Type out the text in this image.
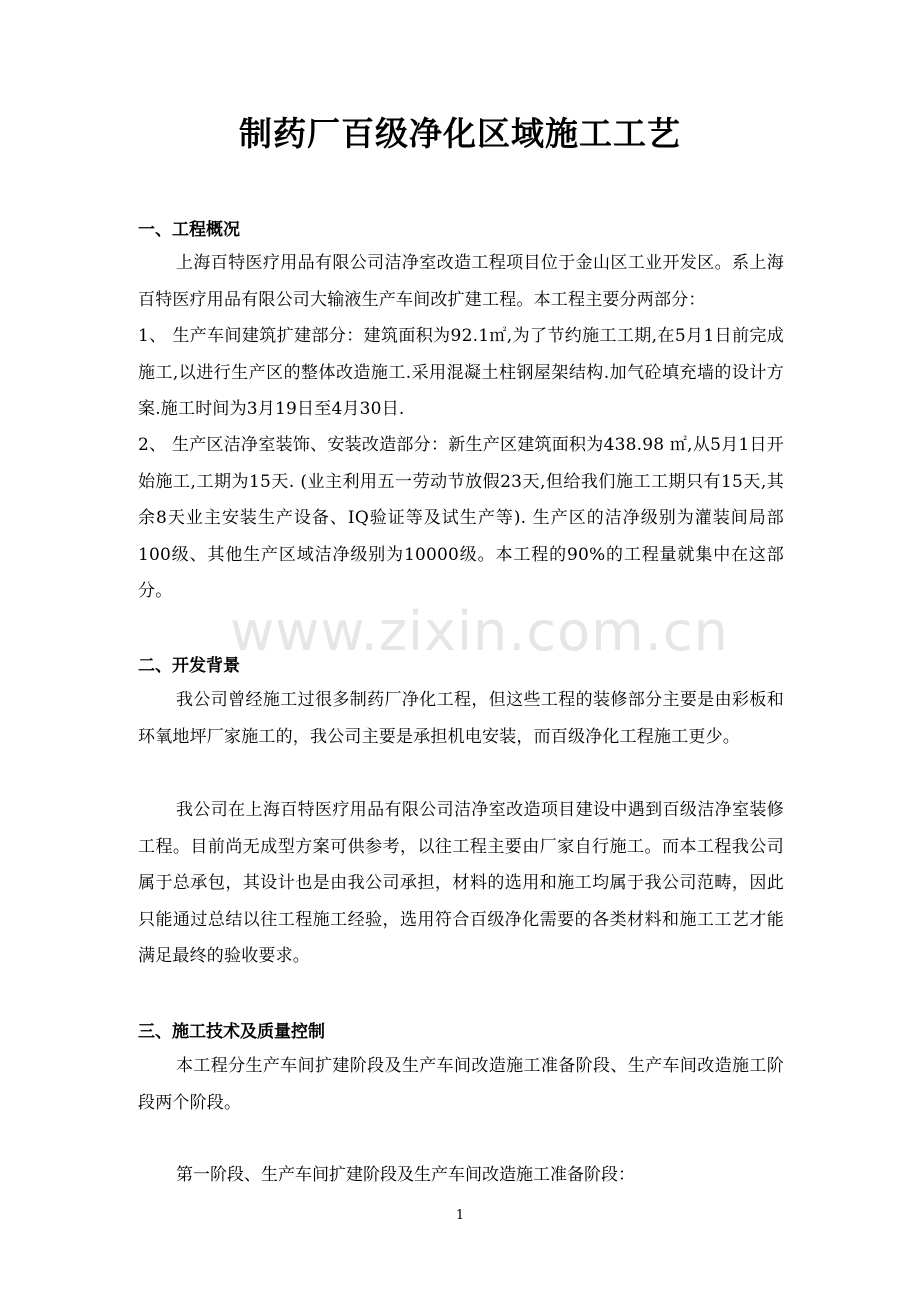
制药厂百级净化区域施工工艺
一、工程概况
上海百特医疗用品有限公司洁净室改造工程项目位于金山区工业开发区。系上海百特医疗用品有限公司大输液生产车间改扩建工程。本工程主要分两部分：
1、 生产车间建筑扩建部分：建筑面积为92.1㎡,为了节约施工工期,在5月1日前完成施工,以进行生产区的整体改造施工.采用混凝土柱钢屋架结构.加气砼填充墙的设计方案.施工时间为3月19日至4月30日.
2、 生产区洁净室装饰、安装改造部分：新生产区建筑面积为438.98 ㎡,从5月1日开始施工,工期为15天. (业主利用五一劳动节放假23天,但给我们施工工期只有15天,其余8天业主安装生产设备、IQ验证等及试生产等). 生产区的洁净级别为灌装间局部100级、其他生产区域洁净级别为10000级。本工程的90%的工程量就集中在这部分。
www.zixin.com.cn
二、开发背景
我公司曾经施工过很多制药厂净化工程，但这些工程的装修部分主要是由彩板和环氧地坪厂家施工的，我公司主要是承担机电安装，而百级净化工程施工更少。
我公司在上海百特医疗用品有限公司洁净室改造项目建设中遇到百级洁净室装修工程。目前尚无成型方案可供参考，以往工程主要由厂家自行施工。而本工程我公司属于总承包，其设计也是由我公司承担，材料的选用和施工均属于我公司范畴，因此只能通过总结以往工程施工经验，选用符合百级净化需要的各类材料和施工工艺才能满足最终的验收要求。
三、施工技术及质量控制
本工程分生产车间扩建阶段及生产车间改造施工准备阶段、生产车间改造施工阶段两个阶段。
第一阶段、生产车间扩建阶段及生产车间改造施工准备阶段：
1
